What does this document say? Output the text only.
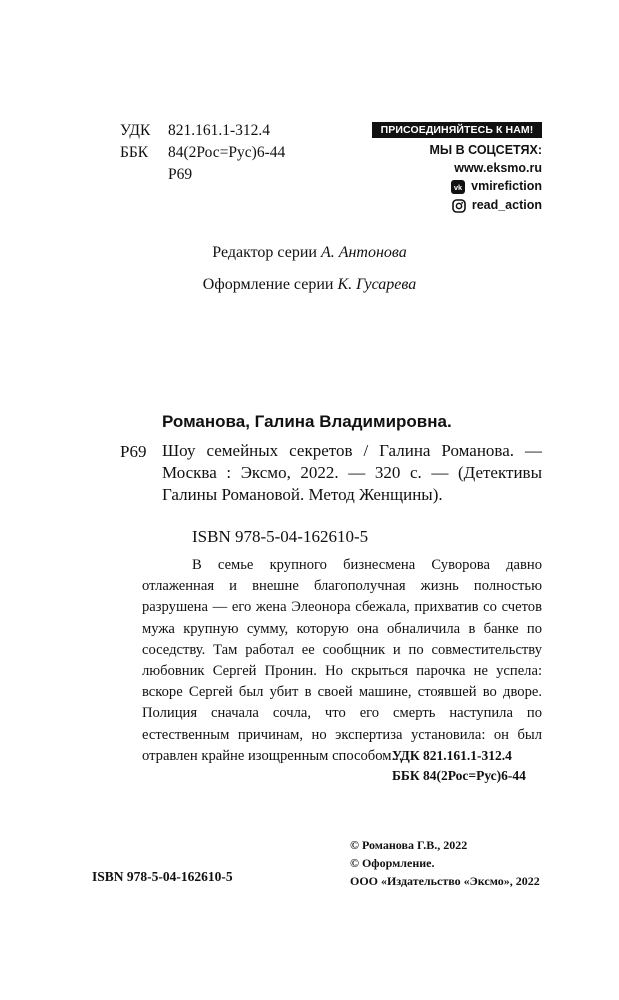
УДК 821.161.1-312.4
ББК 84(2Рос=Рус)6-44
Р69
ПРИСОЕДИНЯЙТЕСЬ К НАМ!
МЫ В СОЦСЕТЯХ:
www.eksmo.ru
vk vmirefiction
read_action
Редактор серии А. Антонова
Оформление серии К. Гусарева
Романова, Галина Владимировна.
Р69 Шоу семейных секретов / Галина Романова. — Москва : Эксмо, 2022. — 320 с. — (Детективы Галины Романовой. Метод Женщины).
ISBN 978-5-04-162610-5
В семье крупного бизнесмена Суворова давно отлаженная и внешне благополучная жизнь полностью разрушена — его жена Элеонора сбежала, прихватив со счетов мужа крупную сумму, которую она обналичила в банке по соседству. Там работал ее сообщник и по совместительству любовник Сергей Пронин. Но скрыться парочка не успела: вскоре Сергей был убит в своей машине, стоявшей во дворе. Полиция сначала сочла, что его смерть наступила по естественным причинам, но экспертиза установила: он был отравлен крайне изощренным способом...
УДК 821.161.1-312.4
ББК 84(2Рос=Рус)6-44
© Романова Г.В., 2022
© Оформление.
ООО «Издательство «Эксмо», 2022
ISBN 978-5-04-162610-5
